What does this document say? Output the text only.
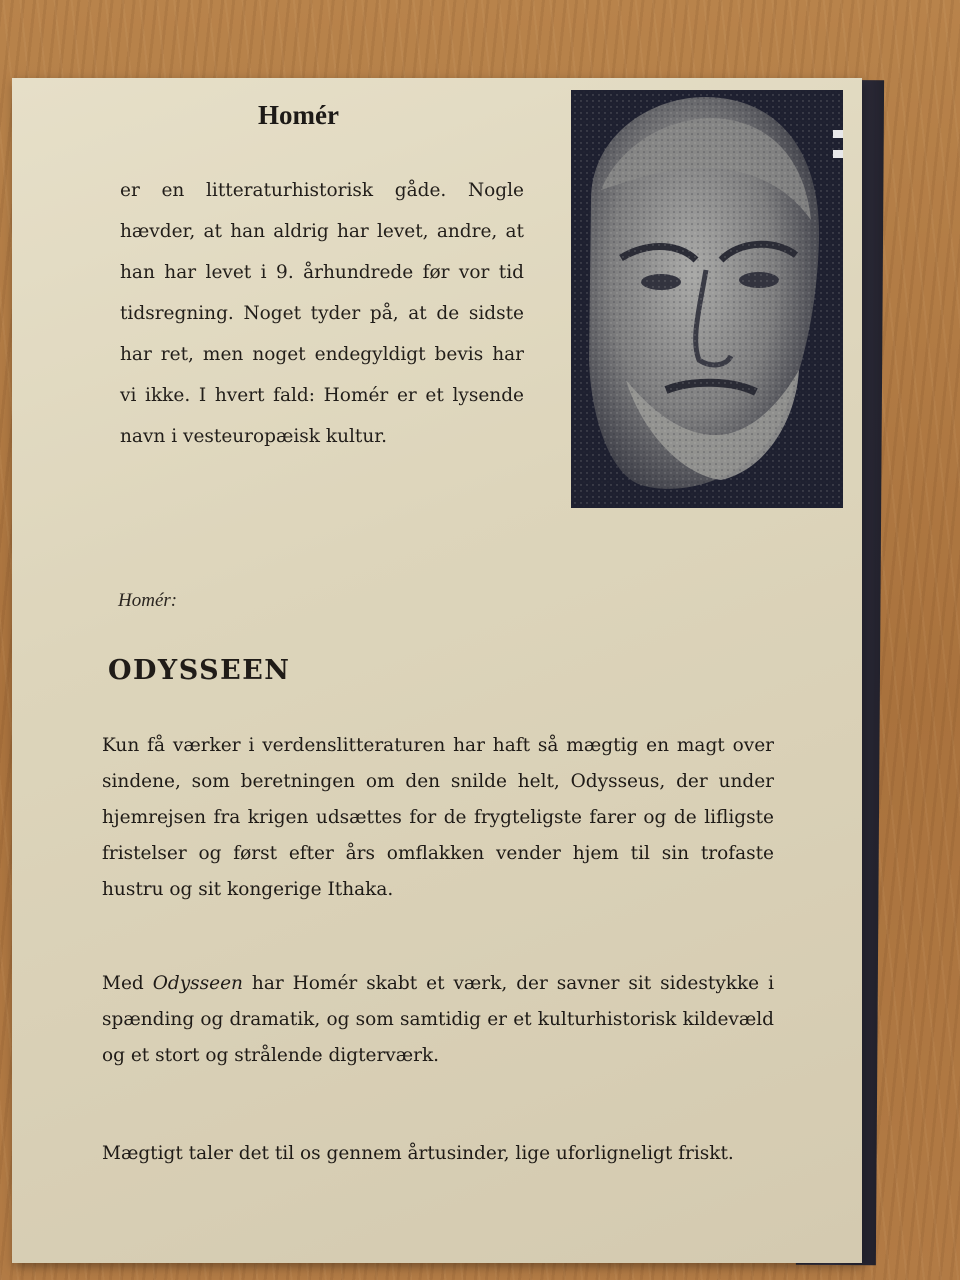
Homér

er en litteraturhistorisk gåde. Nogle hævder, at han aldrig har levet, andre, at han har levet i 9. århundrede før vor tid tidsregning. Noget tyder på, at de sidste har ret, men noget endegyldigt bevis har vi ikke. I hvert fald: Homér er et lysende navn i vesteuropæisk kultur.

Homér:

ODYSSEEN

Kun få værker i verdenslitteraturen har haft så mægtig en magt over sindene, som beretningen om den snilde helt, Odysseus, der under hjemrejsen fra krigen udsættes for de frygteligste farer og de lifligste fristelser og først efter års omflakken vender hjem til sin trofaste hustru og sit kongerige Ithaka.

Med Odysseen har Homér skabt et værk, der savner sit sidestykke i spænding og dramatik, og som samtidig er et kulturhistorisk kildevæld og et stort og strålende digterværk.

Mægtigt taler det til os gennem årtusinder, lige uforligneligt friskt.
